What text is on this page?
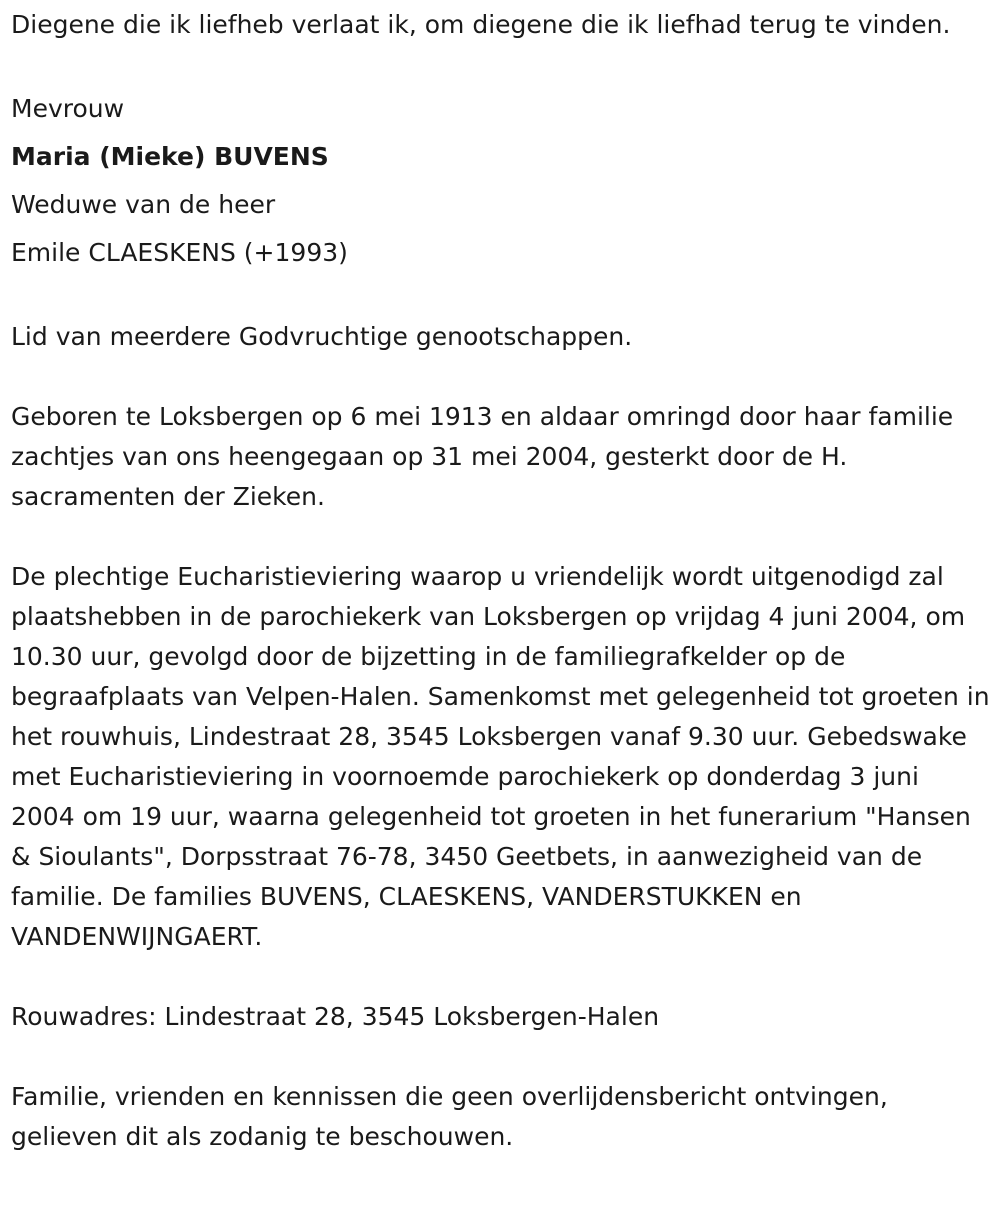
Diegene die ik liefheb verlaat ik, om diegene die ik liefhad terug te vinden.

Mevrouw

Maria (Mieke) BUVENS

Weduwe van de heer

Emile CLAESKENS (+1993)

Lid van meerdere Godvruchtige genootschappen.

Geboren te Loksbergen op 6 mei 1913 en aldaar omringd door haar familie zachtjes van ons heengegaan op 31 mei 2004, gesterkt door de H. sacramenten der Zieken.

De plechtige Eucharistieviering waarop u vriendelijk wordt uitgenodigd zal plaatshebben in de parochiekerk van Loksbergen op vrijdag 4 juni 2004, om 10.30 uur, gevolgd door de bijzetting in de familiegrafkelder op de begraafplaats van Velpen-Halen. Samenkomst met gelegenheid tot groeten in het rouwhuis, Lindestraat 28, 3545 Loksbergen vanaf 9.30 uur. Gebedswake met Eucharistieviering in voornoemde parochiekerk op donderdag 3 juni 2004 om 19 uur, waarna gelegenheid tot groeten in het funerarium "Hansen & Sioulants", Dorpsstraat 76-78, 3450 Geetbets, in aanwezigheid van de familie. De families BUVENS, CLAESKENS, VANDERSTUKKEN en VANDENWIJNGAERT.

Rouwadres: Lindestraat 28, 3545 Loksbergen-Halen

Familie, vrienden en kennissen die geen overlijdensbericht ontvingen, gelieven dit als zodanig te beschouwen.
